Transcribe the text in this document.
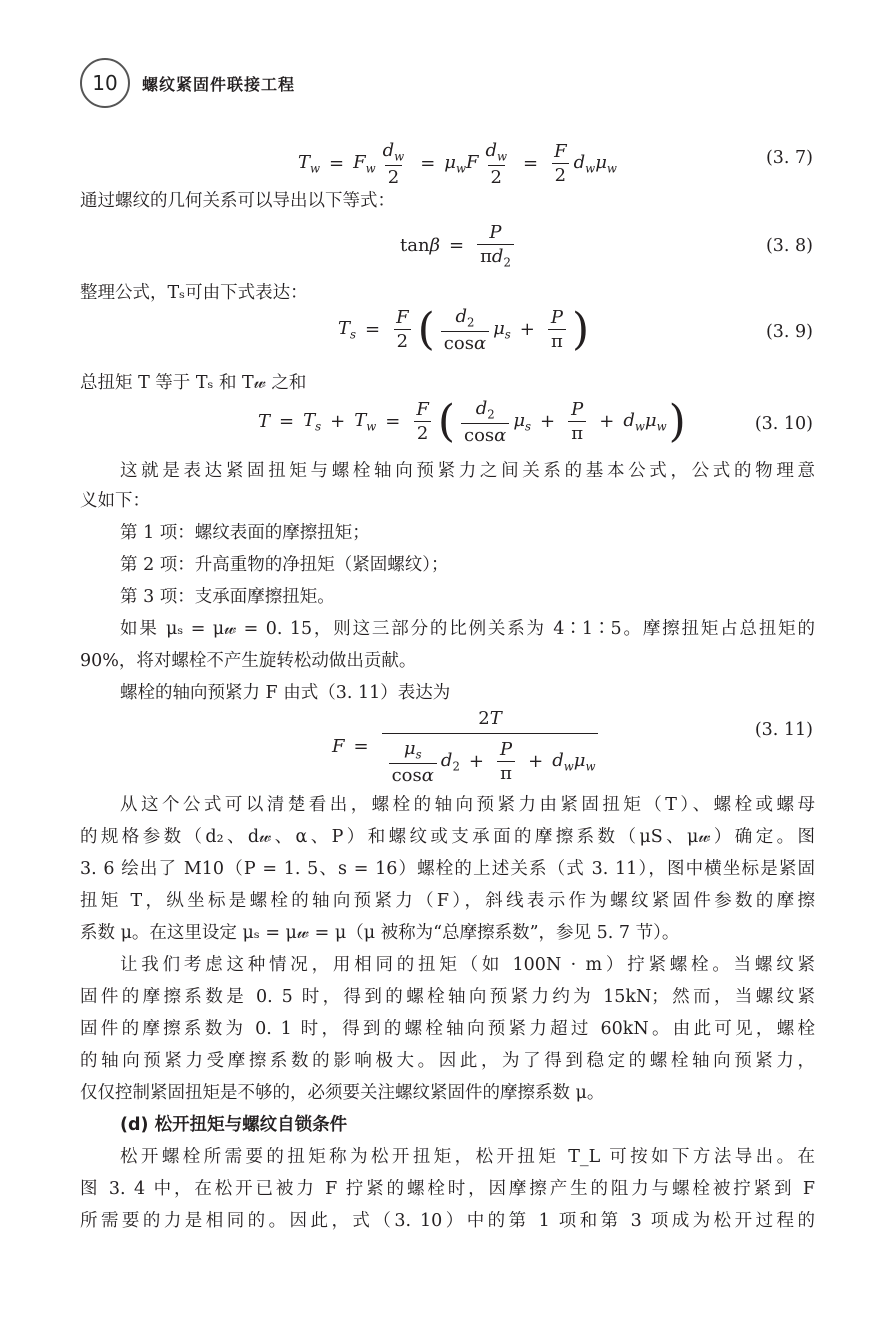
10	螺纹紧固件联接工程
$T_w = F_w \frac{d_w}{2} = \mu_wF \frac{d_w}{2} = \frac{F}{2} d_w\mu_w$
(3. 7)
通过螺纹的几何关系可以导出以下等式：
$\tan \beta = \frac{P}{\pi d_2}$	(3. 8)
整理公式，Tₛ可由下式表达：
$T_s = \frac{F}{2}$ ( $\frac{d_2}{\cos\alpha} \mu_s + \frac{P}{\pi}$ )	(3. 9)
总扭矩 T 等于 Tₛ 和 T𝓌 之和
$T = T_s + T_w = \frac{F}{2}$ ( $\frac{d_2}{\cos\alpha} \mu_s + \frac{P}{\pi} + d_w\mu_w$ )	(3. 10)
这就是表达紧固扭矩与螺栓轴向预紧力之间关系的基本公式，公式的物理意
义如下：
第 1 项：螺纹表面的摩擦扭矩；
第 2 项：升高重物的净扭矩（紧固螺纹）；
第 3 项：支承面摩擦扭矩。
如果 μₛ = μ𝓌 = 0. 15，则这三部分的比例关系为 4∶1∶5。摩擦扭矩占总扭矩的
90%，将对螺栓不产生旋转松动做出贡献。
螺栓的轴向预紧力 F 由式（3. 11）表达为
$F = \frac{2T}{\frac{\mu_s}{\cos\alpha} d_2 + \frac{P}{\pi} + d_w\mu_w}$	(3. 11)
从这个公式可以清楚看出，螺栓的轴向预紧力由紧固扭矩（T）、螺栓或螺母
的规格参数（d₂、d𝓌、α、P）和螺纹或支承面的摩擦系数（μS、μ𝓌）确定。图
3. 6 绘出了 M10（P = 1. 5、s = 16）螺栓的上述关系（式 3. 11），图中横坐标是紧固
扭矩 T，纵坐标是螺栓的轴向预紧力（F），斜线表示作为螺纹紧固件参数的摩擦
系数 μ。在这里设定 μₛ = μ𝓌 = μ（μ 被称为“总摩擦系数”，参见 5. 7 节）。
让我们考虑这种情况，用相同的扭矩（如 100N · m）拧紧螺栓。当螺纹紧
固件的摩擦系数是 0. 5 时，得到的螺栓轴向预紧力约为 15kN；然而，当螺纹紧
固件的摩擦系数为 0. 1 时，得到的螺栓轴向预紧力超过 60kN。由此可见，螺栓
的轴向预紧力受摩擦系数的影响极大。因此，为了得到稳定的螺栓轴向预紧力，
仅仅控制紧固扭矩是不够的，必须要关注螺纹紧固件的摩擦系数 μ。
(d) 松开扭矩与螺纹自锁条件
松开螺栓所需要的扭矩称为松开扭矩，松开扭矩 T_L 可按如下方法导出。在
图 3. 4 中，在松开已被力 F 拧紧的螺栓时，因摩擦产生的阻力与螺栓被拧紧到 F
所需要的力是相同的。因此，式（3. 10）中的第 1 项和第 3 项成为松开过程的
